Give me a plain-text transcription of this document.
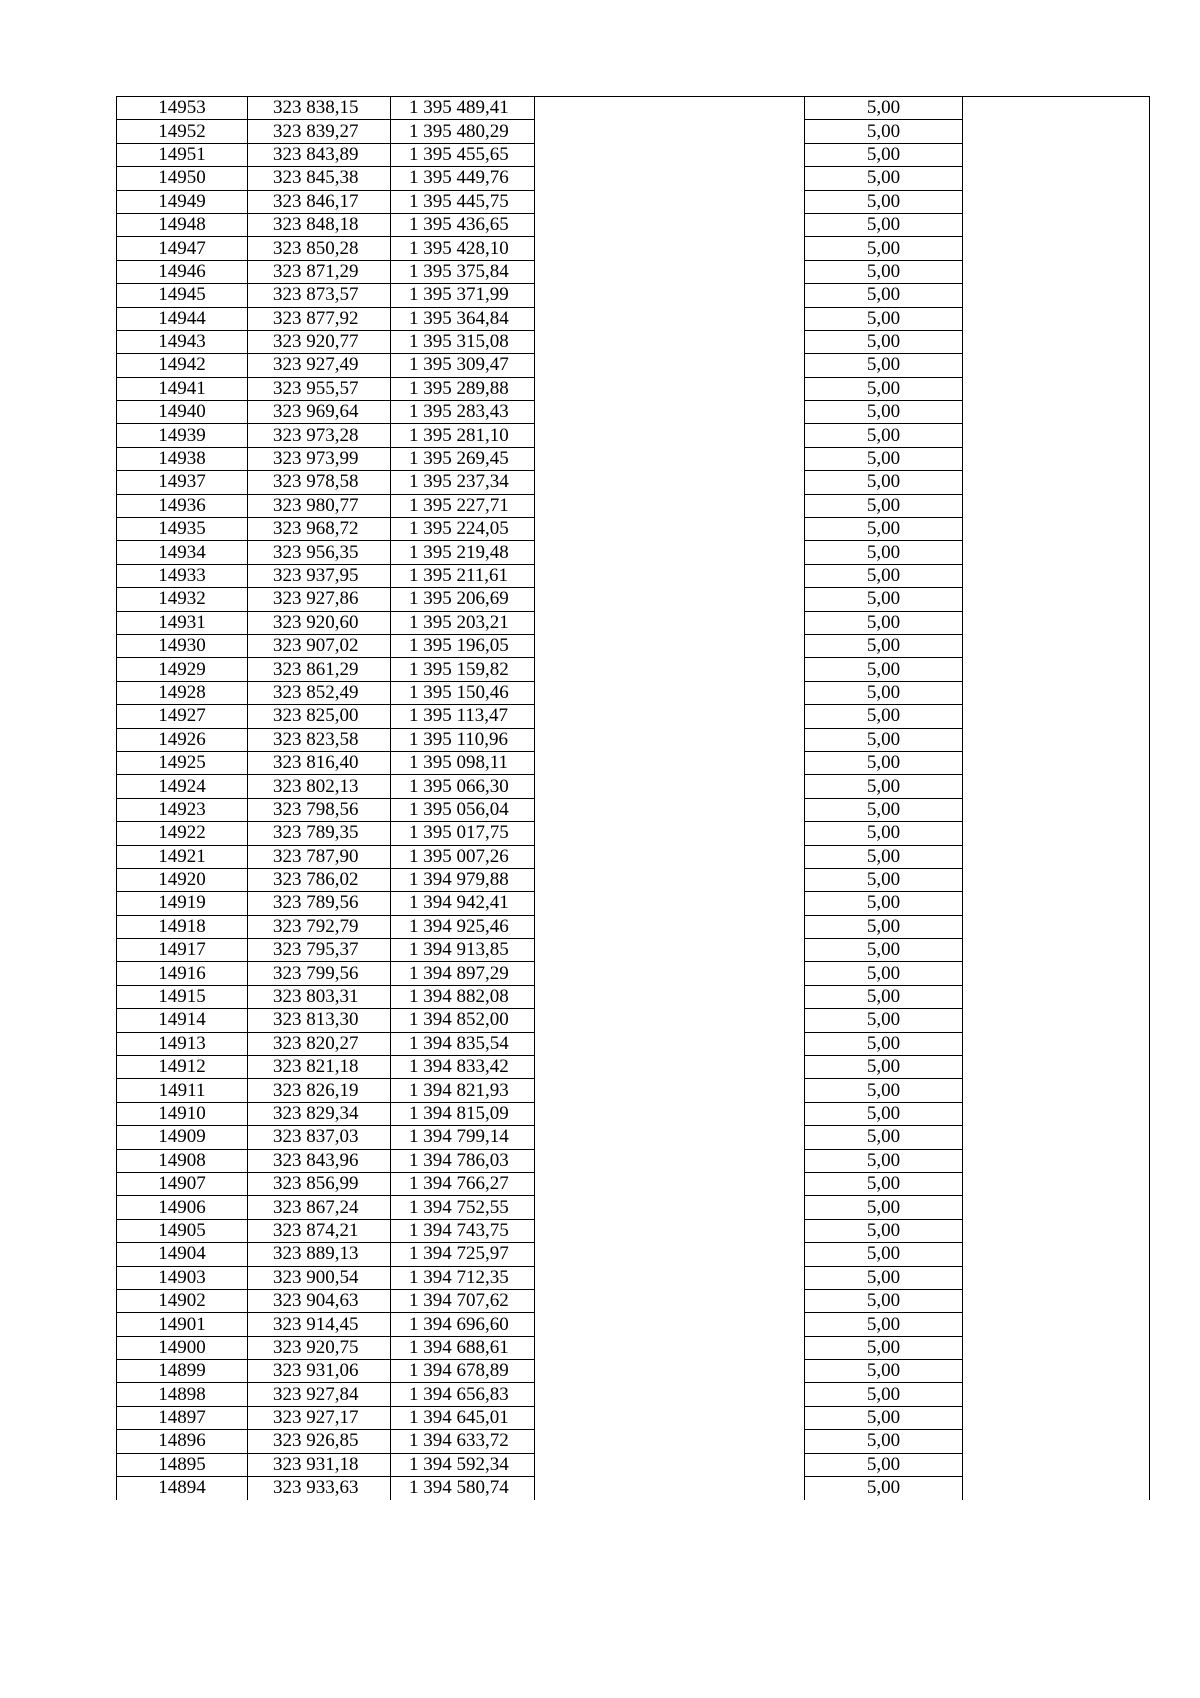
14953	323 838,15	1 395 489,41		5,00	
14952	323 839,27	1 395 480,29		5,00	
14951	323 843,89	1 395 455,65		5,00	
14950	323 845,38	1 395 449,76		5,00	
14949	323 846,17	1 395 445,75		5,00	
14948	323 848,18	1 395 436,65		5,00	
14947	323 850,28	1 395 428,10		5,00	
14946	323 871,29	1 395 375,84		5,00	
14945	323 873,57	1 395 371,99		5,00	
14944	323 877,92	1 395 364,84		5,00	
14943	323 920,77	1 395 315,08		5,00	
14942	323 927,49	1 395 309,47		5,00	
14941	323 955,57	1 395 289,88		5,00	
14940	323 969,64	1 395 283,43		5,00	
14939	323 973,28	1 395 281,10		5,00	
14938	323 973,99	1 395 269,45		5,00	
14937	323 978,58	1 395 237,34		5,00	
14936	323 980,77	1 395 227,71		5,00	
14935	323 968,72	1 395 224,05		5,00	
14934	323 956,35	1 395 219,48		5,00	
14933	323 937,95	1 395 211,61		5,00	
14932	323 927,86	1 395 206,69		5,00	
14931	323 920,60	1 395 203,21		5,00	
14930	323 907,02	1 395 196,05		5,00	
14929	323 861,29	1 395 159,82		5,00	
14928	323 852,49	1 395 150,46		5,00	
14927	323 825,00	1 395 113,47		5,00	
14926	323 823,58	1 395 110,96		5,00	
14925	323 816,40	1 395 098,11		5,00	
14924	323 802,13	1 395 066,30		5,00	
14923	323 798,56	1 395 056,04		5,00	
14922	323 789,35	1 395 017,75		5,00	
14921	323 787,90	1 395 007,26		5,00	
14920	323 786,02	1 394 979,88		5,00	
14919	323 789,56	1 394 942,41		5,00	
14918	323 792,79	1 394 925,46		5,00	
14917	323 795,37	1 394 913,85		5,00	
14916	323 799,56	1 394 897,29		5,00	
14915	323 803,31	1 394 882,08		5,00	
14914	323 813,30	1 394 852,00		5,00	
14913	323 820,27	1 394 835,54		5,00	
14912	323 821,18	1 394 833,42		5,00	
14911	323 826,19	1 394 821,93		5,00	
14910	323 829,34	1 394 815,09		5,00	
14909	323 837,03	1 394 799,14		5,00	
14908	323 843,96	1 394 786,03		5,00	
14907	323 856,99	1 394 766,27		5,00	
14906	323 867,24	1 394 752,55		5,00	
14905	323 874,21	1 394 743,75		5,00	
14904	323 889,13	1 394 725,97		5,00	
14903	323 900,54	1 394 712,35		5,00	
14902	323 904,63	1 394 707,62		5,00	
14901	323 914,45	1 394 696,60		5,00	
14900	323 920,75	1 394 688,61		5,00	
14899	323 931,06	1 394 678,89		5,00	
14898	323 927,84	1 394 656,83		5,00	
14897	323 927,17	1 394 645,01		5,00	
14896	323 926,85	1 394 633,72		5,00	
14895	323 931,18	1 394 592,34		5,00	
14894	323 933,63	1 394 580,74		5,00	
